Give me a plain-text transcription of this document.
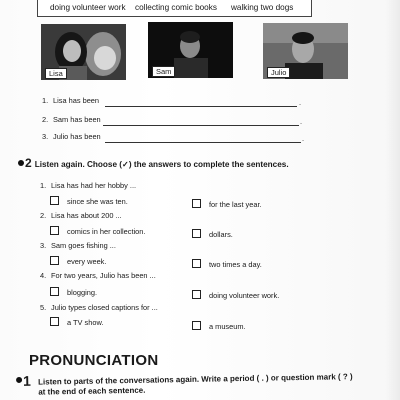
doing volunteer work collecting comic books walking two dogs
Lisa	Sam	Julio
1. Lisa has been	.
2. Sam has been	.
3. Julio has been	.
2 Listen again. Choose (✓) the answers to complete the sentences.
1. Lisa has had her hobby ...
since she was ten.	for the last year.
2. Lisa has about 200 ...
comics in her collection.	dollars.
3. Sam goes fishing ...
every week.	two times a day.
4. For two years, Julio has been ...
blogging.	doing volunteer work.
5. Julio types closed captions for ...
a TV show.	a museum.
PRONUNCIATION
1 Listen to parts of the conversations again. Write a period ( . ) or question mark ( ? )
at the end of each sentence.
